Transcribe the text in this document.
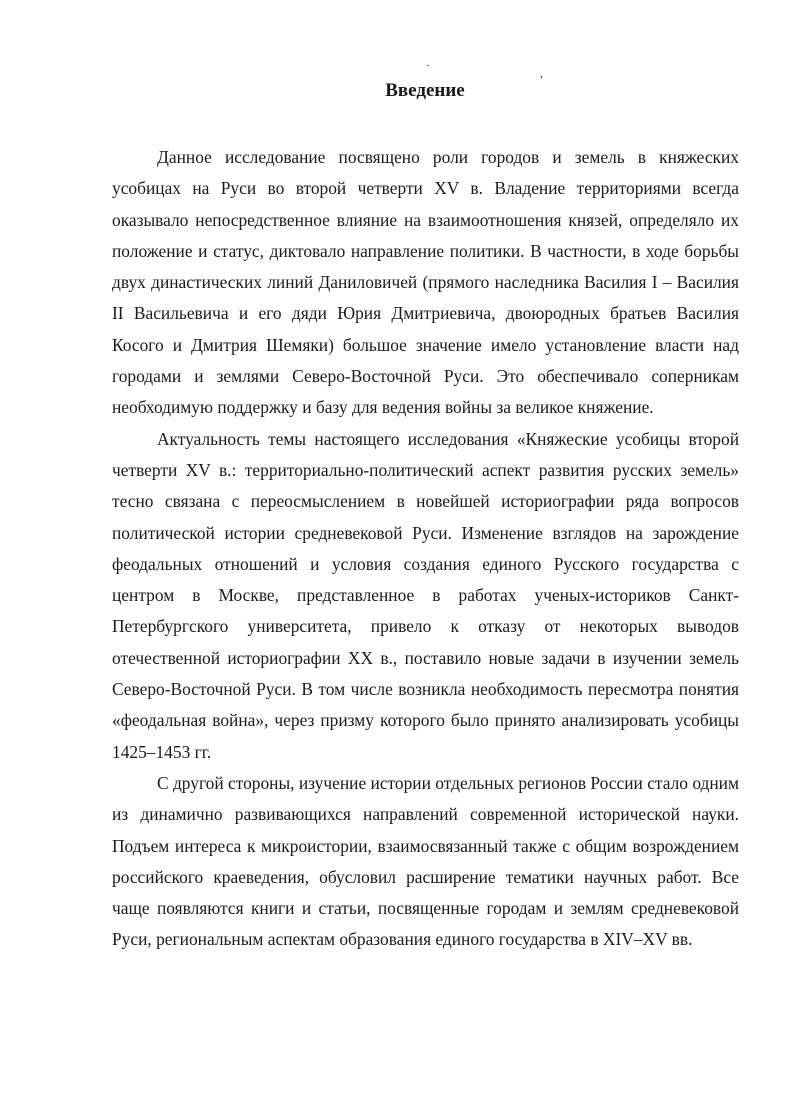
ˋ	,
Введение

Данное исследование посвящено роли городов и земель в княжеских усобицах на Руси во второй четверти XV в. Владение территориями всегда оказывало непосредственное влияние на взаимоотношения князей, определяло их положение и статус, диктовало направление политики. В частности, в ходе борьбы двух династических линий Даниловичей (прямого наследника Василия I – Василия II Васильевича и его дяди Юрия Дмитриевича, двоюродных братьев Василия Косого и Дмитрия Шемяки) большое значение имело установление власти над городами и землями Северо-Восточной Руси. Это обеспечивало соперникам необходимую поддержку и базу для ведения войны за великое княжение.

Актуальность темы настоящего исследования «Княжеские усобицы второй четверти XV в.: территориально-политический аспект развития русских земель» тесно связана с переосмыслением в новейшей историографии ряда вопросов политической истории средневековой Руси. Изменение взглядов на зарождение феодальных отношений и условия создания единого Русского государства с центром в Москве, представленное в работах ученых-историков Санкт-Петербургского университета, привело к отказу от некоторых выводов отечественной историографии XX в., поставило новые задачи в изучении земель Северо-Восточной Руси. В том числе возникла необходимость пересмотра понятия «феодальная война», через призму которого было принято анализировать усобицы 1425–1453 гг.

С другой стороны, изучение истории отдельных регионов России стало одним из динамично развивающихся направлений современной исторической науки. Подъем интереса к микроистории, взаимосвязанный также с общим возрождением российского краеведения, обусловил расширение тематики научных работ. Все чаще появляются книги и статьи, посвященные городам и землям средневековой Руси, региональным аспектам образования единого государства в XIV–XV вв.
